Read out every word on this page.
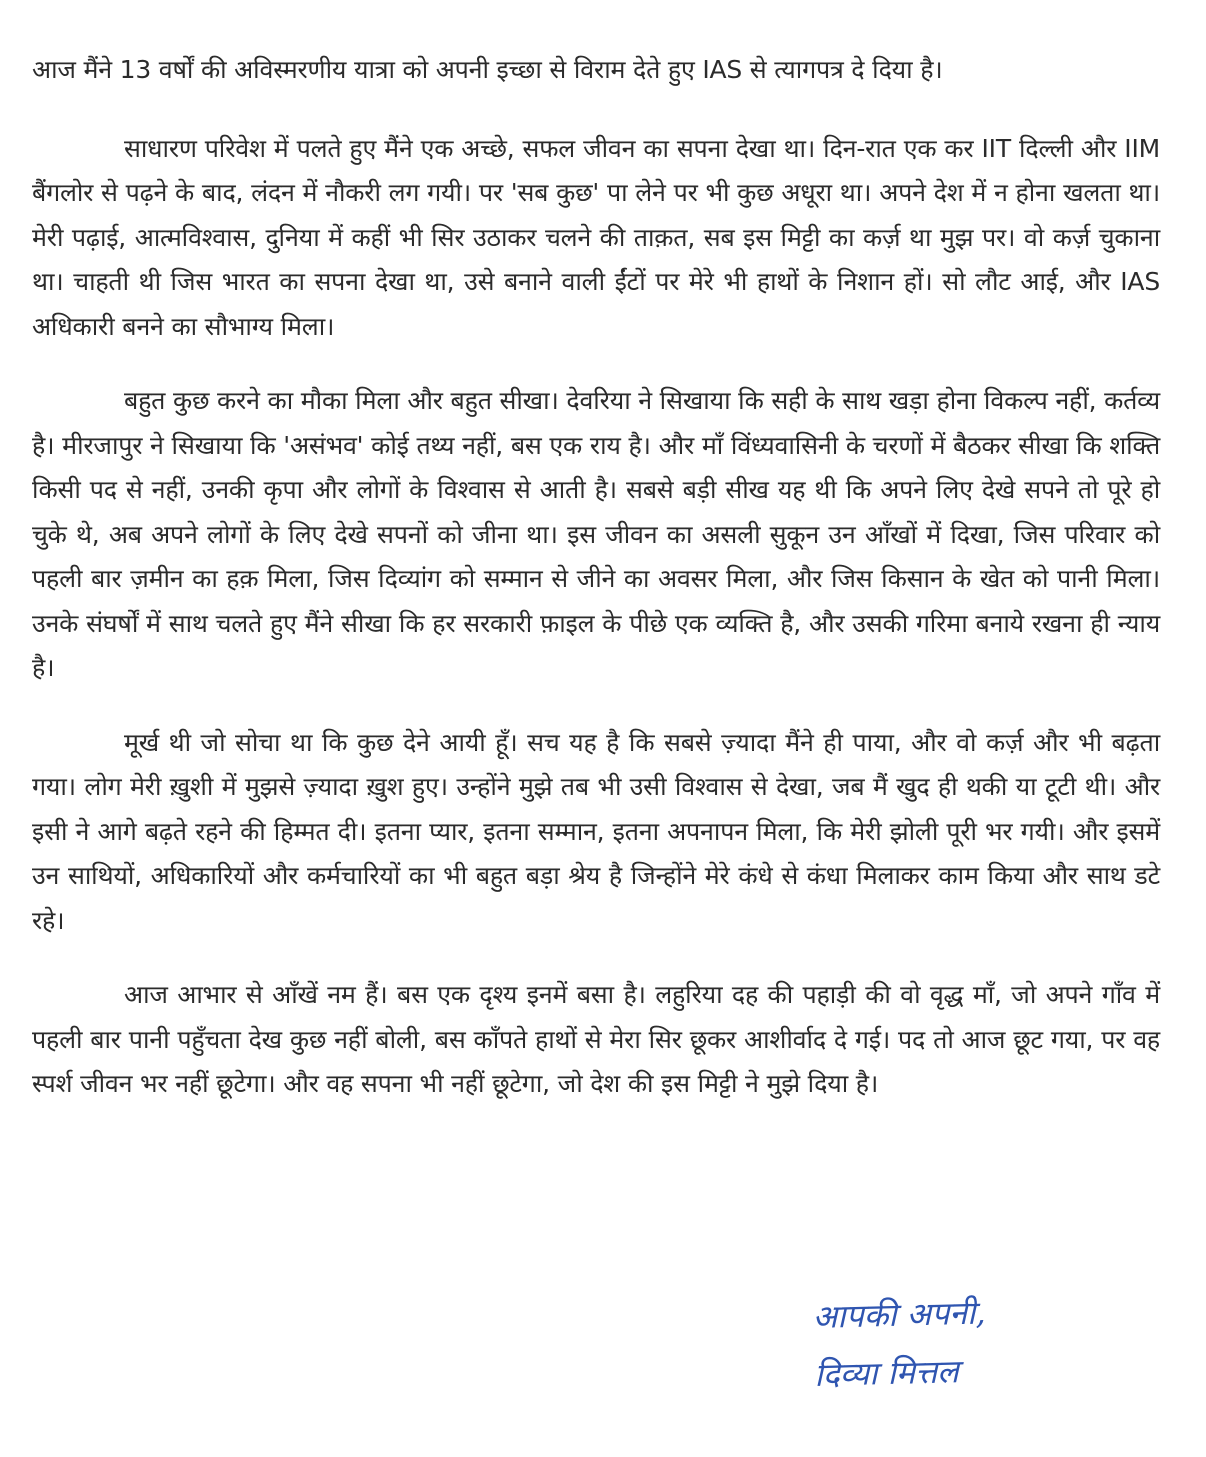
आज मैंने 13 वर्षों की अविस्मरणीय यात्रा को अपनी इच्छा से विराम देते हुए IAS से त्यागपत्र दे दिया है।

साधारण परिवेश में पलते हुए मैंने एक अच्छे, सफल जीवन का सपना देखा था। दिन-रात एक कर IIT दिल्ली और IIM बैंगलोर से पढ़ने के बाद, लंदन में नौकरी लग गयी। पर 'सब कुछ' पा लेने पर भी कुछ अधूरा था। अपने देश में न होना खलता था। मेरी पढ़ाई, आत्मविश्वास, दुनिया में कहीं भी सिर उठाकर चलने की ताक़त, सब इस मिट्टी का कर्ज़ था मुझ पर। वो कर्ज़ चुकाना था। चाहती थी जिस भारत का सपना देखा था, उसे बनाने वाली ईंटों पर मेरे भी हाथों के निशान हों। सो लौट आई, और IAS अधिकारी बनने का सौभाग्य मिला।

बहुत कुछ करने का मौका मिला और बहुत सीखा। देवरिया ने सिखाया कि सही के साथ खड़ा होना विकल्प नहीं, कर्तव्य है। मीरजापुर ने सिखाया कि 'असंभव' कोई तथ्य नहीं, बस एक राय है। और माँ विंध्यवासिनी के चरणों में बैठकर सीखा कि शक्ति किसी पद से नहीं, उनकी कृपा और लोगों के विश्वास से आती है। सबसे बड़ी सीख यह थी कि अपने लिए देखे सपने तो पूरे हो चुके थे, अब अपने लोगों के लिए देखे सपनों को जीना था। इस जीवन का असली सुकून उन आँखों में दिखा, जिस परिवार को पहली बार ज़मीन का हक़ मिला, जिस दिव्यांग को सम्मान से जीने का अवसर मिला, और जिस किसान के खेत को पानी मिला। उनके संघर्षों में साथ चलते हुए मैंने सीखा कि हर सरकारी फ़ाइल के पीछे एक व्यक्ति है, और उसकी गरिमा बनाये रखना ही न्याय है।

मूर्ख थी जो सोचा था कि कुछ देने आयी हूँ। सच यह है कि सबसे ज़्यादा मैंने ही पाया, और वो कर्ज़ और भी बढ़ता गया। लोग मेरी ख़ुशी में मुझसे ज़्यादा ख़ुश हुए। उन्होंने मुझे तब भी उसी विश्वास से देखा, जब मैं खुद ही थकी या टूटी थी। और इसी ने आगे बढ़ते रहने की हिम्मत दी। इतना प्यार, इतना सम्मान, इतना अपनापन मिला, कि मेरी झोली पूरी भर गयी। और इसमें उन साथियों, अधिकारियों और कर्मचारियों का भी बहुत बड़ा श्रेय है जिन्होंने मेरे कंधे से कंधा मिलाकर काम किया और साथ डटे रहे।

आज आभार से आँखें नम हैं। बस एक दृश्य इनमें बसा है। लहुरिया दह की पहाड़ी की वो वृद्ध माँ, जो अपने गाँव में पहली बार पानी पहुँचता देख कुछ नहीं बोली, बस काँपते हाथों से मेरा सिर छूकर आशीर्वाद दे गई। पद तो आज छूट गया, पर वह स्पर्श जीवन भर नहीं छूटेगा। और वह सपना भी नहीं छूटेगा, जो देश की इस मिट्टी ने मुझे दिया है।

आपकी अपनी,
दिव्या मित्तल
